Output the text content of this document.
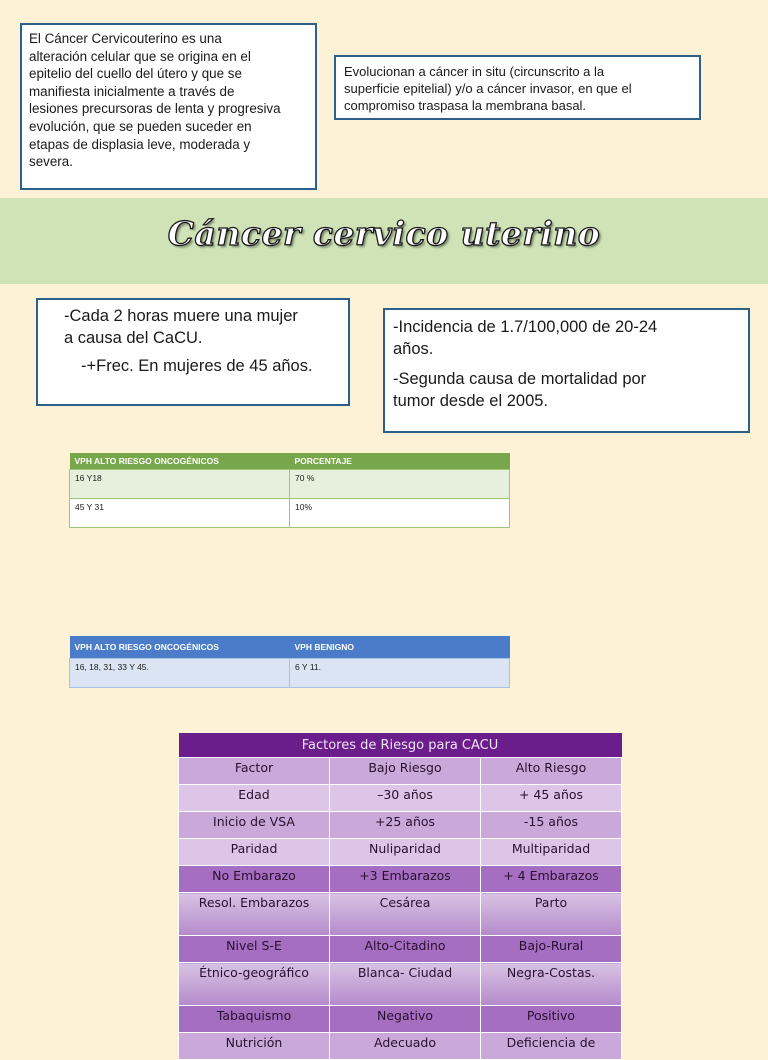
El Cáncer Cervicouterino es una
alteración celular que se origina en el
epitelio del cuello del útero y que se
manifiesta inicialmente a través de
lesiones precursoras de lenta y progresiva
evolución, que se pueden suceder en
etapas de displasia leve, moderada y
severa.
Evolucionan a cáncer in situ (circunscrito a la
superficie epitelial) y/o a cáncer invasor, en que el
compromiso traspasa la membrana basal.
Cáncer cervico uterino
-Cada 2 horas muere una mujer
a causa del CaCU.
-+Frec. En mujeres de 45 años.
-Incidencia de 1.7/100,000 de 20-24
años.
-Segunda causa de mortalidad por
tumor desde el 2005.
VPH ALTO RIESGO ONCOGÉNICOS	PORCENTAJE
16 Y18	70 %
45 Y 31	10%
VPH ALTO RIESGO ONCOGÉNICOS	VPH BENIGNO
16, 18, 31, 33 Y 45.	6 Y 11.
Factores de Riesgo para CACU		
Factor	Bajo Riesgo	Alto Riesgo
Edad	–30 años	+ 45 años
Inicio de VSA	+25 años	-15 años
Paridad	Nuliparidad	Multiparidad
No Embarazo	+3 Embarazos	+ 4 Embarazos
Resol. Embarazos	Cesárea	Parto
Nivel S-E	Alto-Citadino	Bajo-Rural
Étnico-geográfico	Blanca- Ciudad	Negra-Costas.
Tabaquismo	Negativo	Positivo
Nutrición	Adecuado	Deficiencia de
